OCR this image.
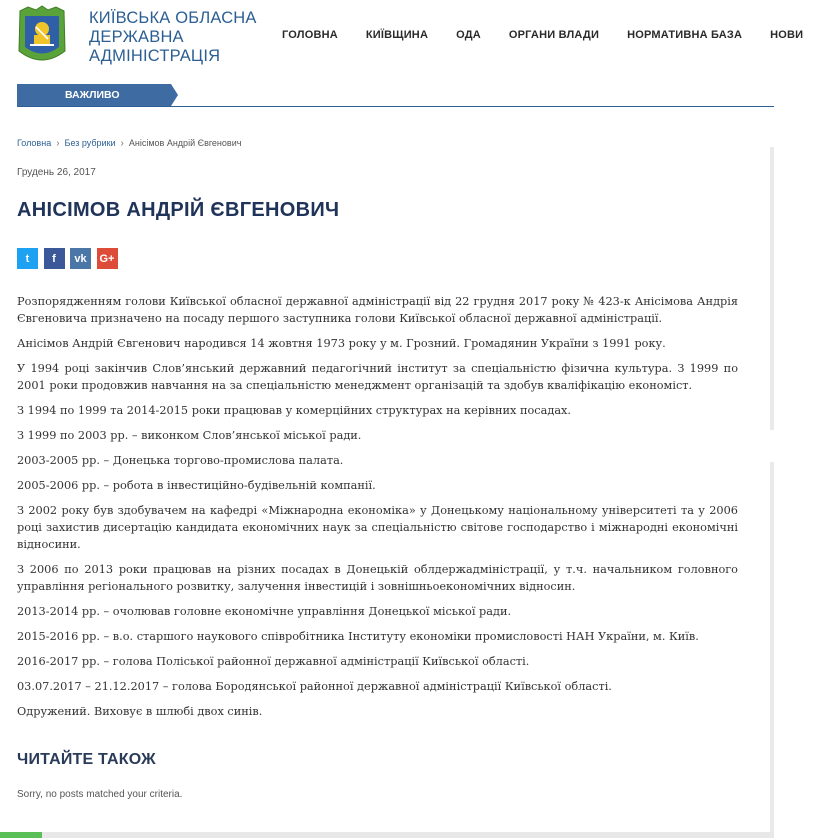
КИЇВСЬКА ОБЛАСНА
ДЕРЖАВНА
АДМІНІСТРАЦІЯ
ГОЛОВНА	КИЇВЩИНА	ОДА	ОРГАНИ ВЛАДИ	НОРМАТИВНА БАЗА	НОВИ
ВАЖЛИВО
Головна › Без рубрики › Анісімов Андрій Євгенович
Грудень 26, 2017
АНІСІМОВ АНДРІЙ ЄВГЕНОВИЧ
t f vk G+

Розпорядженням голови Київської обласної державної адміністрації від 22 грудня 2017 року № 423-к Анісімова Андрія Євгеновича призначено на посаду першого заступника голови Київської обласної державної адміністрації.

Анісімов Андрій Євгенович народився 14 жовтня 1973 року у м. Грозний. Громадянин України з 1991 року.

У 1994 році закінчив Слов’янський державний педагогічний інститут за спеціальністю фізична культура. З 1999 по 2001 роки продовжив навчання на за спеціальністю менеджмент організацій та здобув кваліфікацію економіст.

З 1994 по 1999 та 2014-2015 роки працював у комерційних структурах на керівних посадах.

З 1999 по 2003 рр. – виконком Слов’янської міської ради.

2003-2005 рр. – Донецька торгово-промислова палата.

2005-2006 рр. – робота в інвестиційно-будівельній компанії.

З 2002 року був здобувачем на кафедрі «Міжнародна економіка» у Донецькому національному університеті та у 2006 році захистив дисертацію кандидата економічних наук за спеціальністю світове господарство і міжнародні економічні відносини.

З 2006 по 2013 роки працював на різних посадах в Донецькій облдержадміністрації, у т.ч. начальником головного управління регіонального розвитку, залучення інвестицій і зовнішньоекономічних відносин.

2013-2014 рр. – очолював головне економічне управління Донецької міської ради.

2015-2016 рр. – в.о. старшого наукового співробітника Інституту економіки промисловості НАН України, м. Київ.

2016-2017 рр. – голова Поліської районної державної адміністрації Київської області.

03.07.2017 – 21.12.2017 – голова Бородянської районної державної адміністрації Київської області.

Одружений. Виховує в шлюбі двох синів.

ЧИТАЙТЕ ТАКОЖ
Sorry, no posts matched your criteria.
